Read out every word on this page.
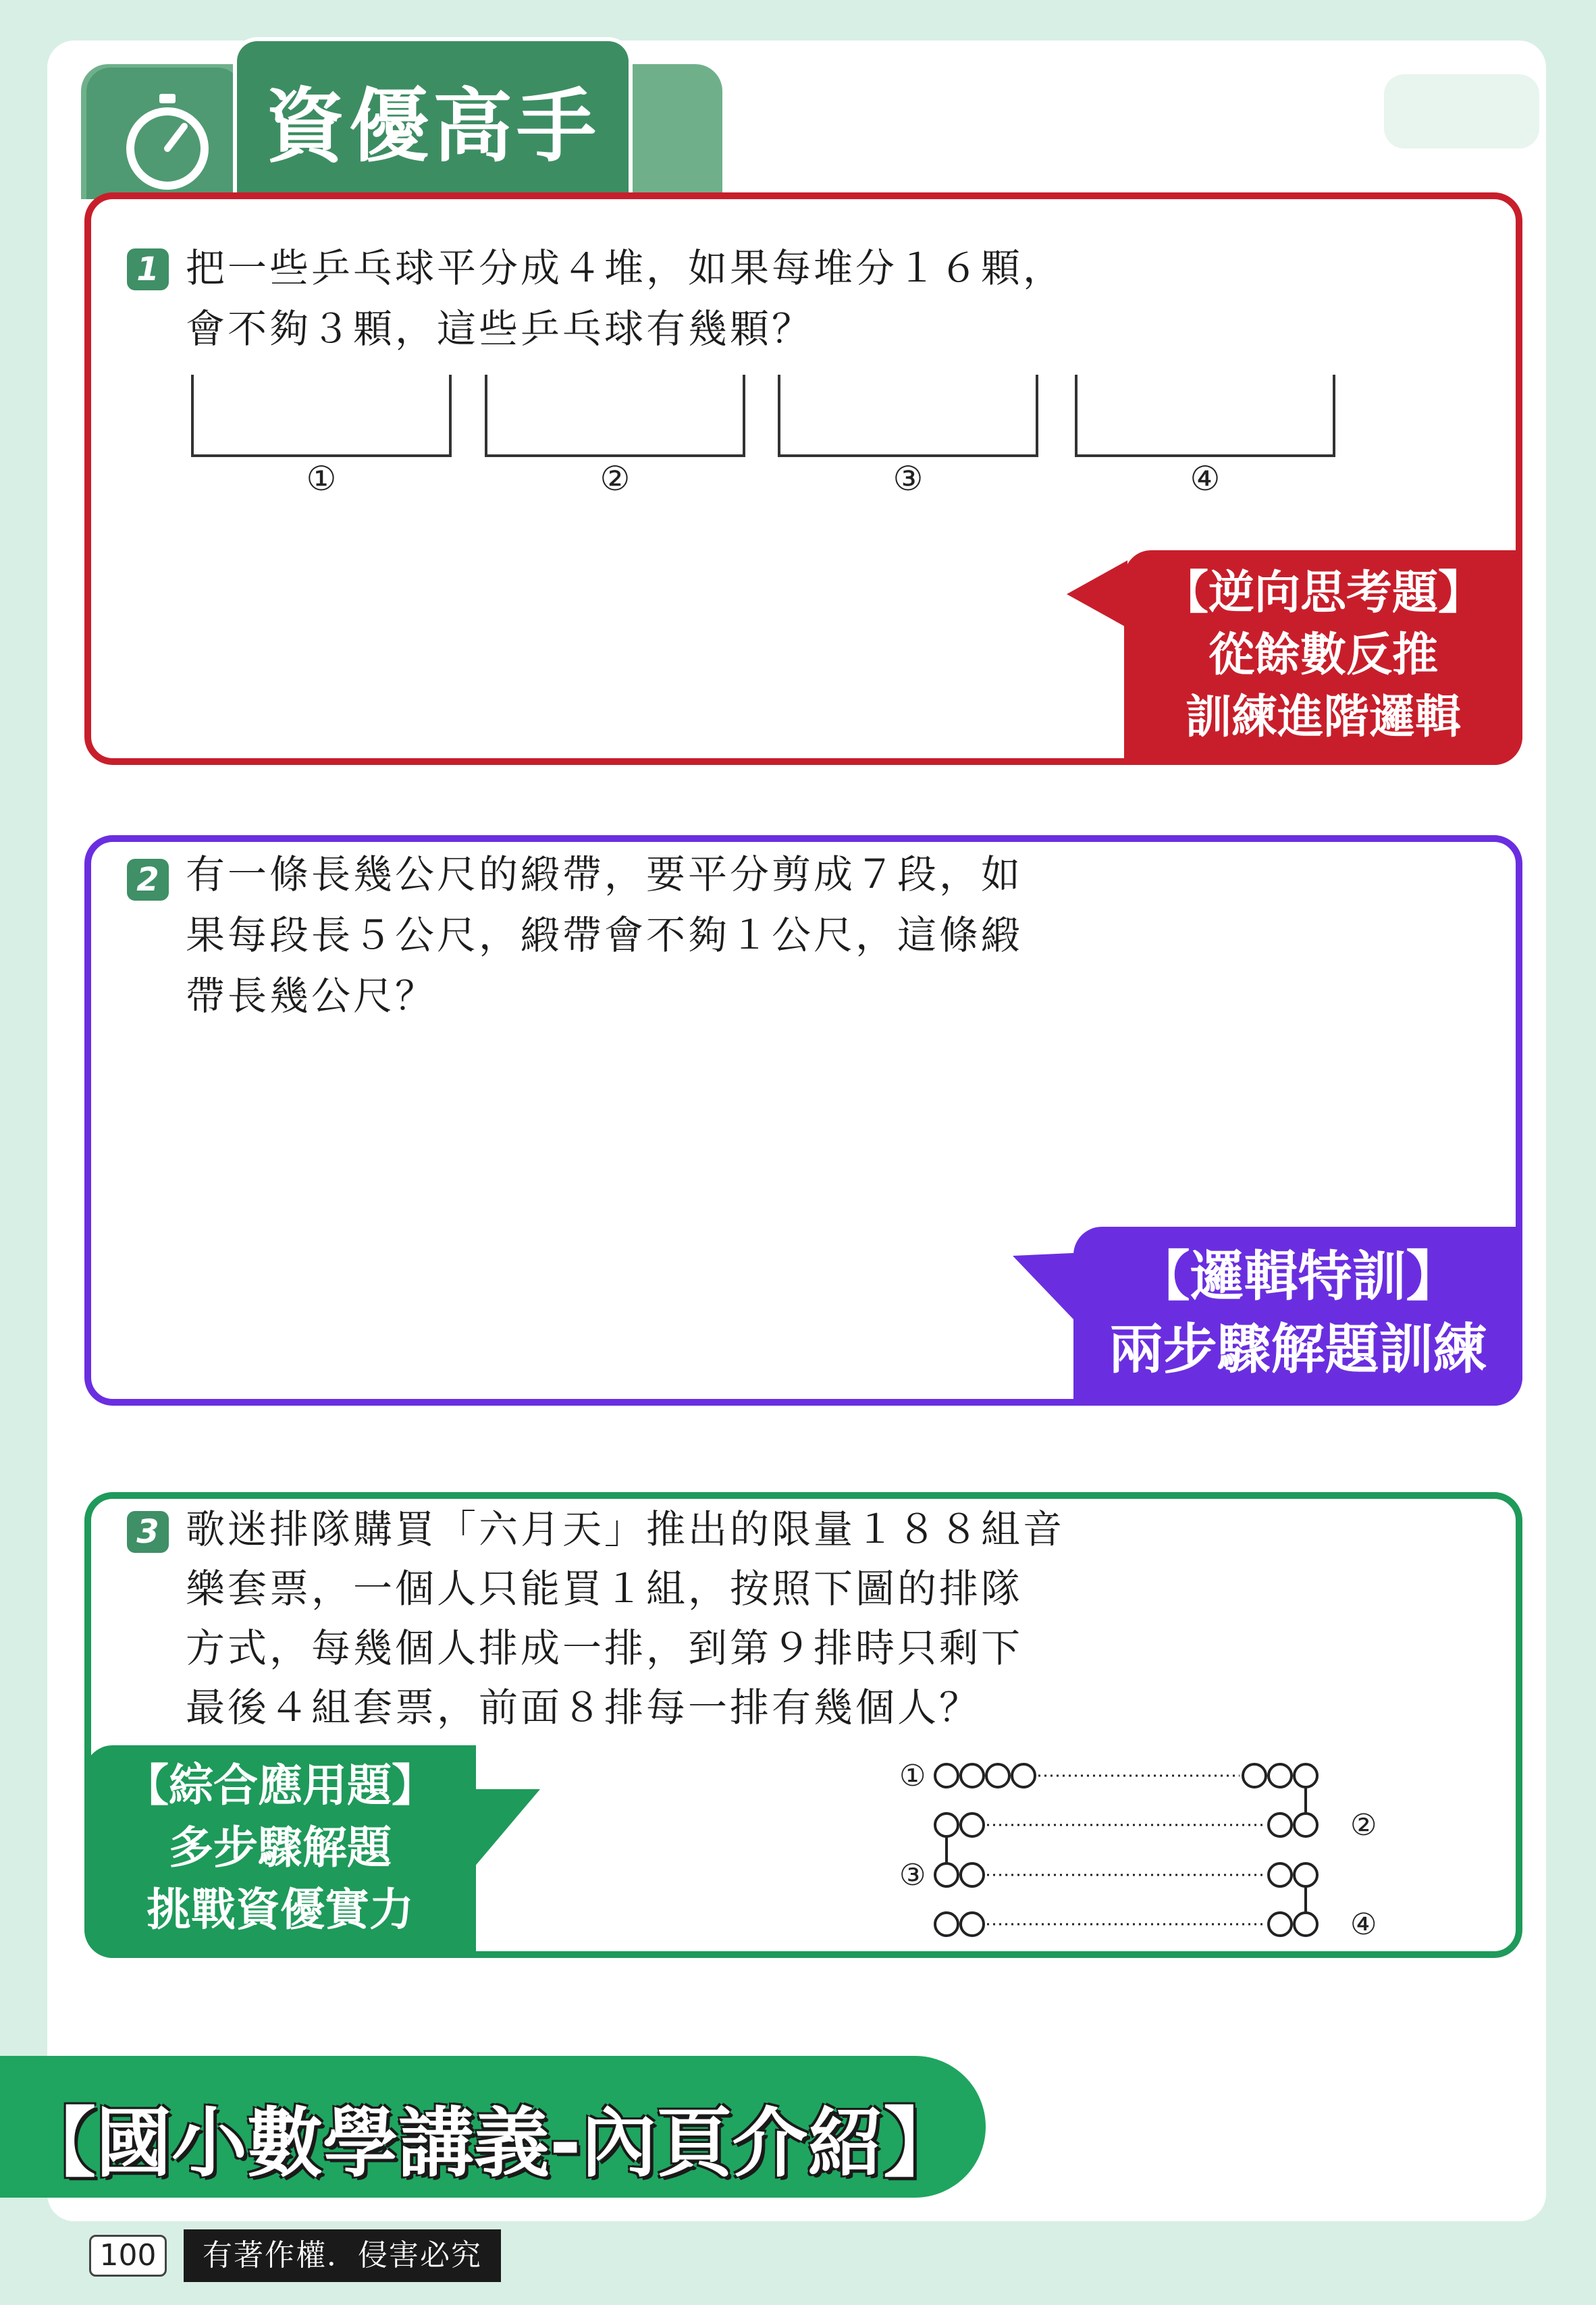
資優高手
1 把一些乒乓球平分成４堆，如果每堆分１６顆，
會不夠３顆，這些乒乓球有幾顆？
①	②	③	④
【逆向思考題】
從餘數反推
訓練進階邏輯
2 有一條長幾公尺的緞帶，要平分剪成７段，如
果每段長５公尺，緞帶會不夠１公尺，這條緞
帶長幾公尺？
【邏輯特訓】
兩步驟解題訓練
3 歌迷排隊購買「六月天」推出的限量１８８組音
樂套票，一個人只能買１組，按照下圖的排隊
方式，每幾個人排成一排，到第９排時只剩下
最後４組套票，前面８排每一排有幾個人？
【綜合應用題】
多步驟解題
挑戰資優實力
①
②
③
④
【國小數學講義-內頁介紹】
100	有著作權．侵害必究
